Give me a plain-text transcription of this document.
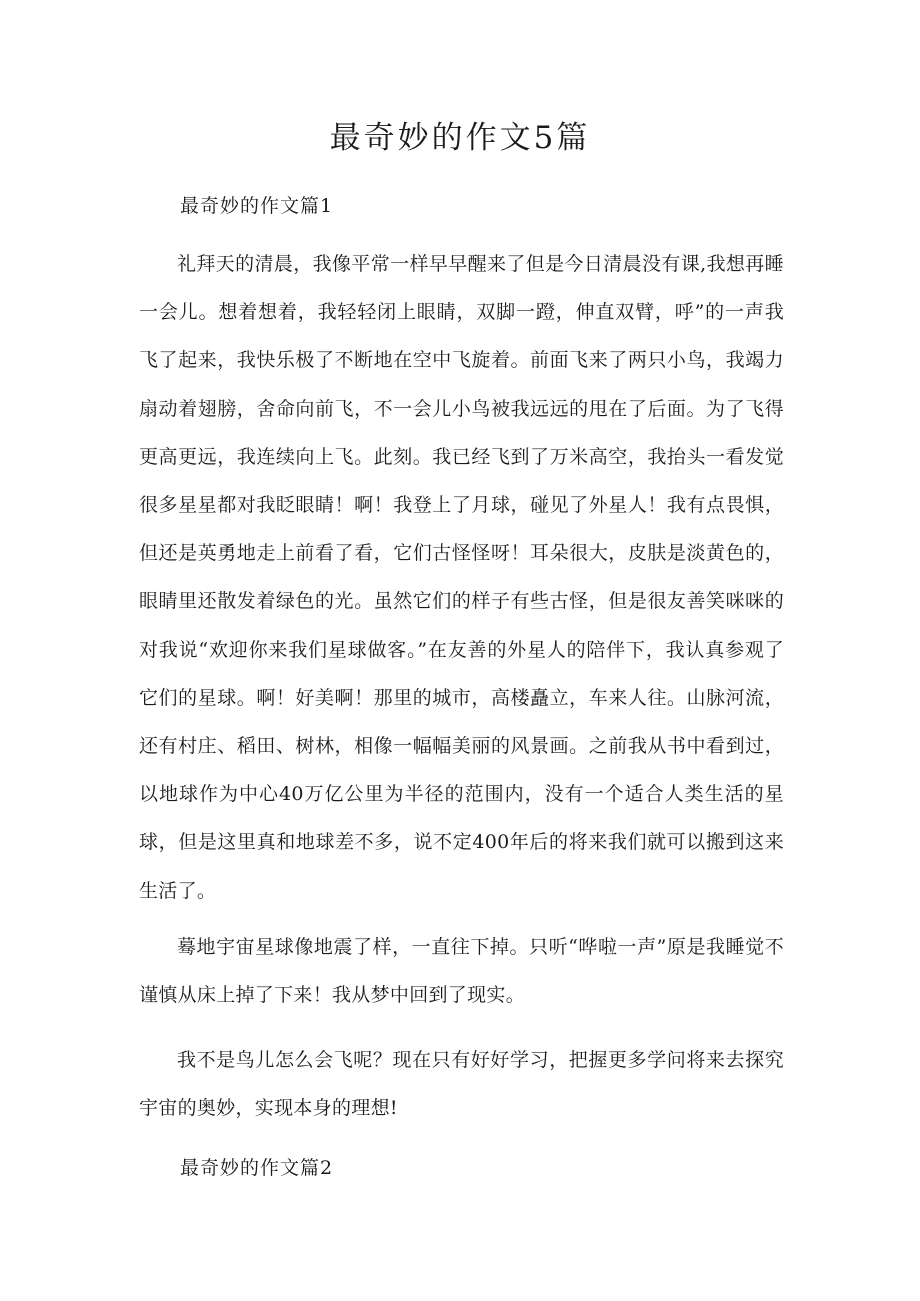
最奇妙的作文5篇
最奇妙的作文篇1

礼拜天的清晨，我像平常一样早早醒来了但是今日清晨没有课,我想再睡一会儿。想着想着，我轻轻闭上眼睛，双脚一蹬，伸直双臂，呼”的一声我飞了起来，我快乐极了不断地在空中飞旋着。前面飞来了两只小鸟，我竭力扇动着翅膀，舍命向前飞，不一会儿小鸟被我远远的甩在了后面。为了飞得更高更远，我连续向上飞。此刻。我已经飞到了万米高空，我抬头一看发觉很多星星都对我眨眼睛！啊！我登上了月球，碰见了外星人！我有点畏惧，但还是英勇地走上前看了看，它们古怪怪呀！耳朵很大，皮肤是淡黄色的，眼睛里还散发着绿色的光。虽然它们的样子有些古怪，但是很友善笑咪咪的对我说“欢迎你来我们星球做客。”在友善的外星人的陪伴下，我认真参观了它们的星球。啊！好美啊！那里的城市，高楼矗立，车来人往。山脉河流，还有村庄、稻田、树林，相像一幅幅美丽的风景画。之前我从书中看到过，以地球作为中心40万亿公里为半径的范围内，没有一个适合人类生活的星球，但是这里真和地球差不多，说不定400年后的将来我们就可以搬到这来生活了。

蓦地宇宙星球像地震了样，一直往下掉。只听“哗啦一声”原是我睡觉不谨慎从床上掉了下来！我从梦中回到了现实。

我不是鸟儿怎么会飞呢？现在只有好好学习，把握更多学问将来去探究宇宙的奥妙，实现本身的理想!

最奇妙的作文篇2
